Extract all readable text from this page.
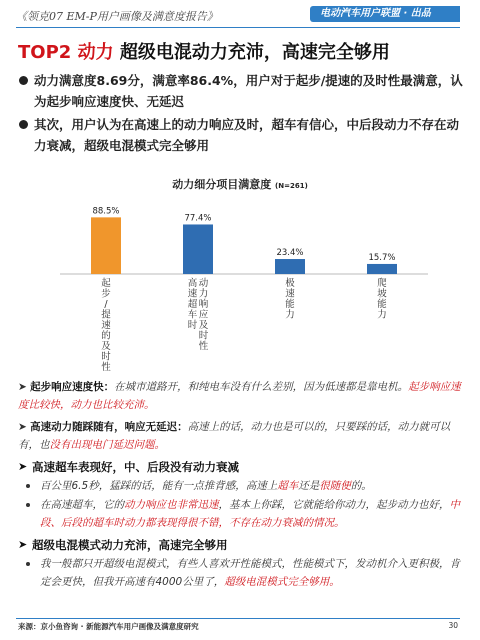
《领克07 EM-P用户画像及满意度报告》	电动汽车用户联盟 · 出品
TOP2 动力 超级电混动力充沛，高速完全够用
动力满意度8.69分，满意率86.4%，用户对于起步/提速的及时性最满意，认为起步响应速度快、无延迟
其次，用户认为在高速上的动力响应及时，超车有信心，中后段动力不存在动力衰减，超级电混模式完全够用
动力细分项目满意度 (N=261)
88.5%
起步/提速的及时性
77.4%
动力响应及时性
高速超车时
23.4%
极速能力
15.7%
爬坡能力
➤ 起步响应速度快：在城市道路开，和纯电车没有什么差别，因为低速都是靠电机。起步响应速度比较快，动力也比较充沛。
➤ 高速动力随踩随有，响应无延迟：高速上的话，动力也是可以的，只要踩的话，动力就可以有，也没有出现电门延迟问题。
➤ 高速超车表现好，中、后段没有动力衰减
百公里6.5秒，猛踩的话，能有一点推背感，高速上超车还是很随便的。
在高速超车，它的动力响应也非常迅速，基本上你踩，它就能给你动力，起步动力也好，中段、后段的超车时动力都表现得很不错，不存在动力衰减的情况。
➤ 超级电混模式动力充沛，高速完全够用
我一般都只开超级电混模式，有些人喜欢开性能模式，性能模式下，发动机介入更积极，肯定会更快，但我开高速有4000公里了，超级电混模式完全够用。
来源：京小鱼咨询 · 新能源汽车用户画像及满意度研究	30
